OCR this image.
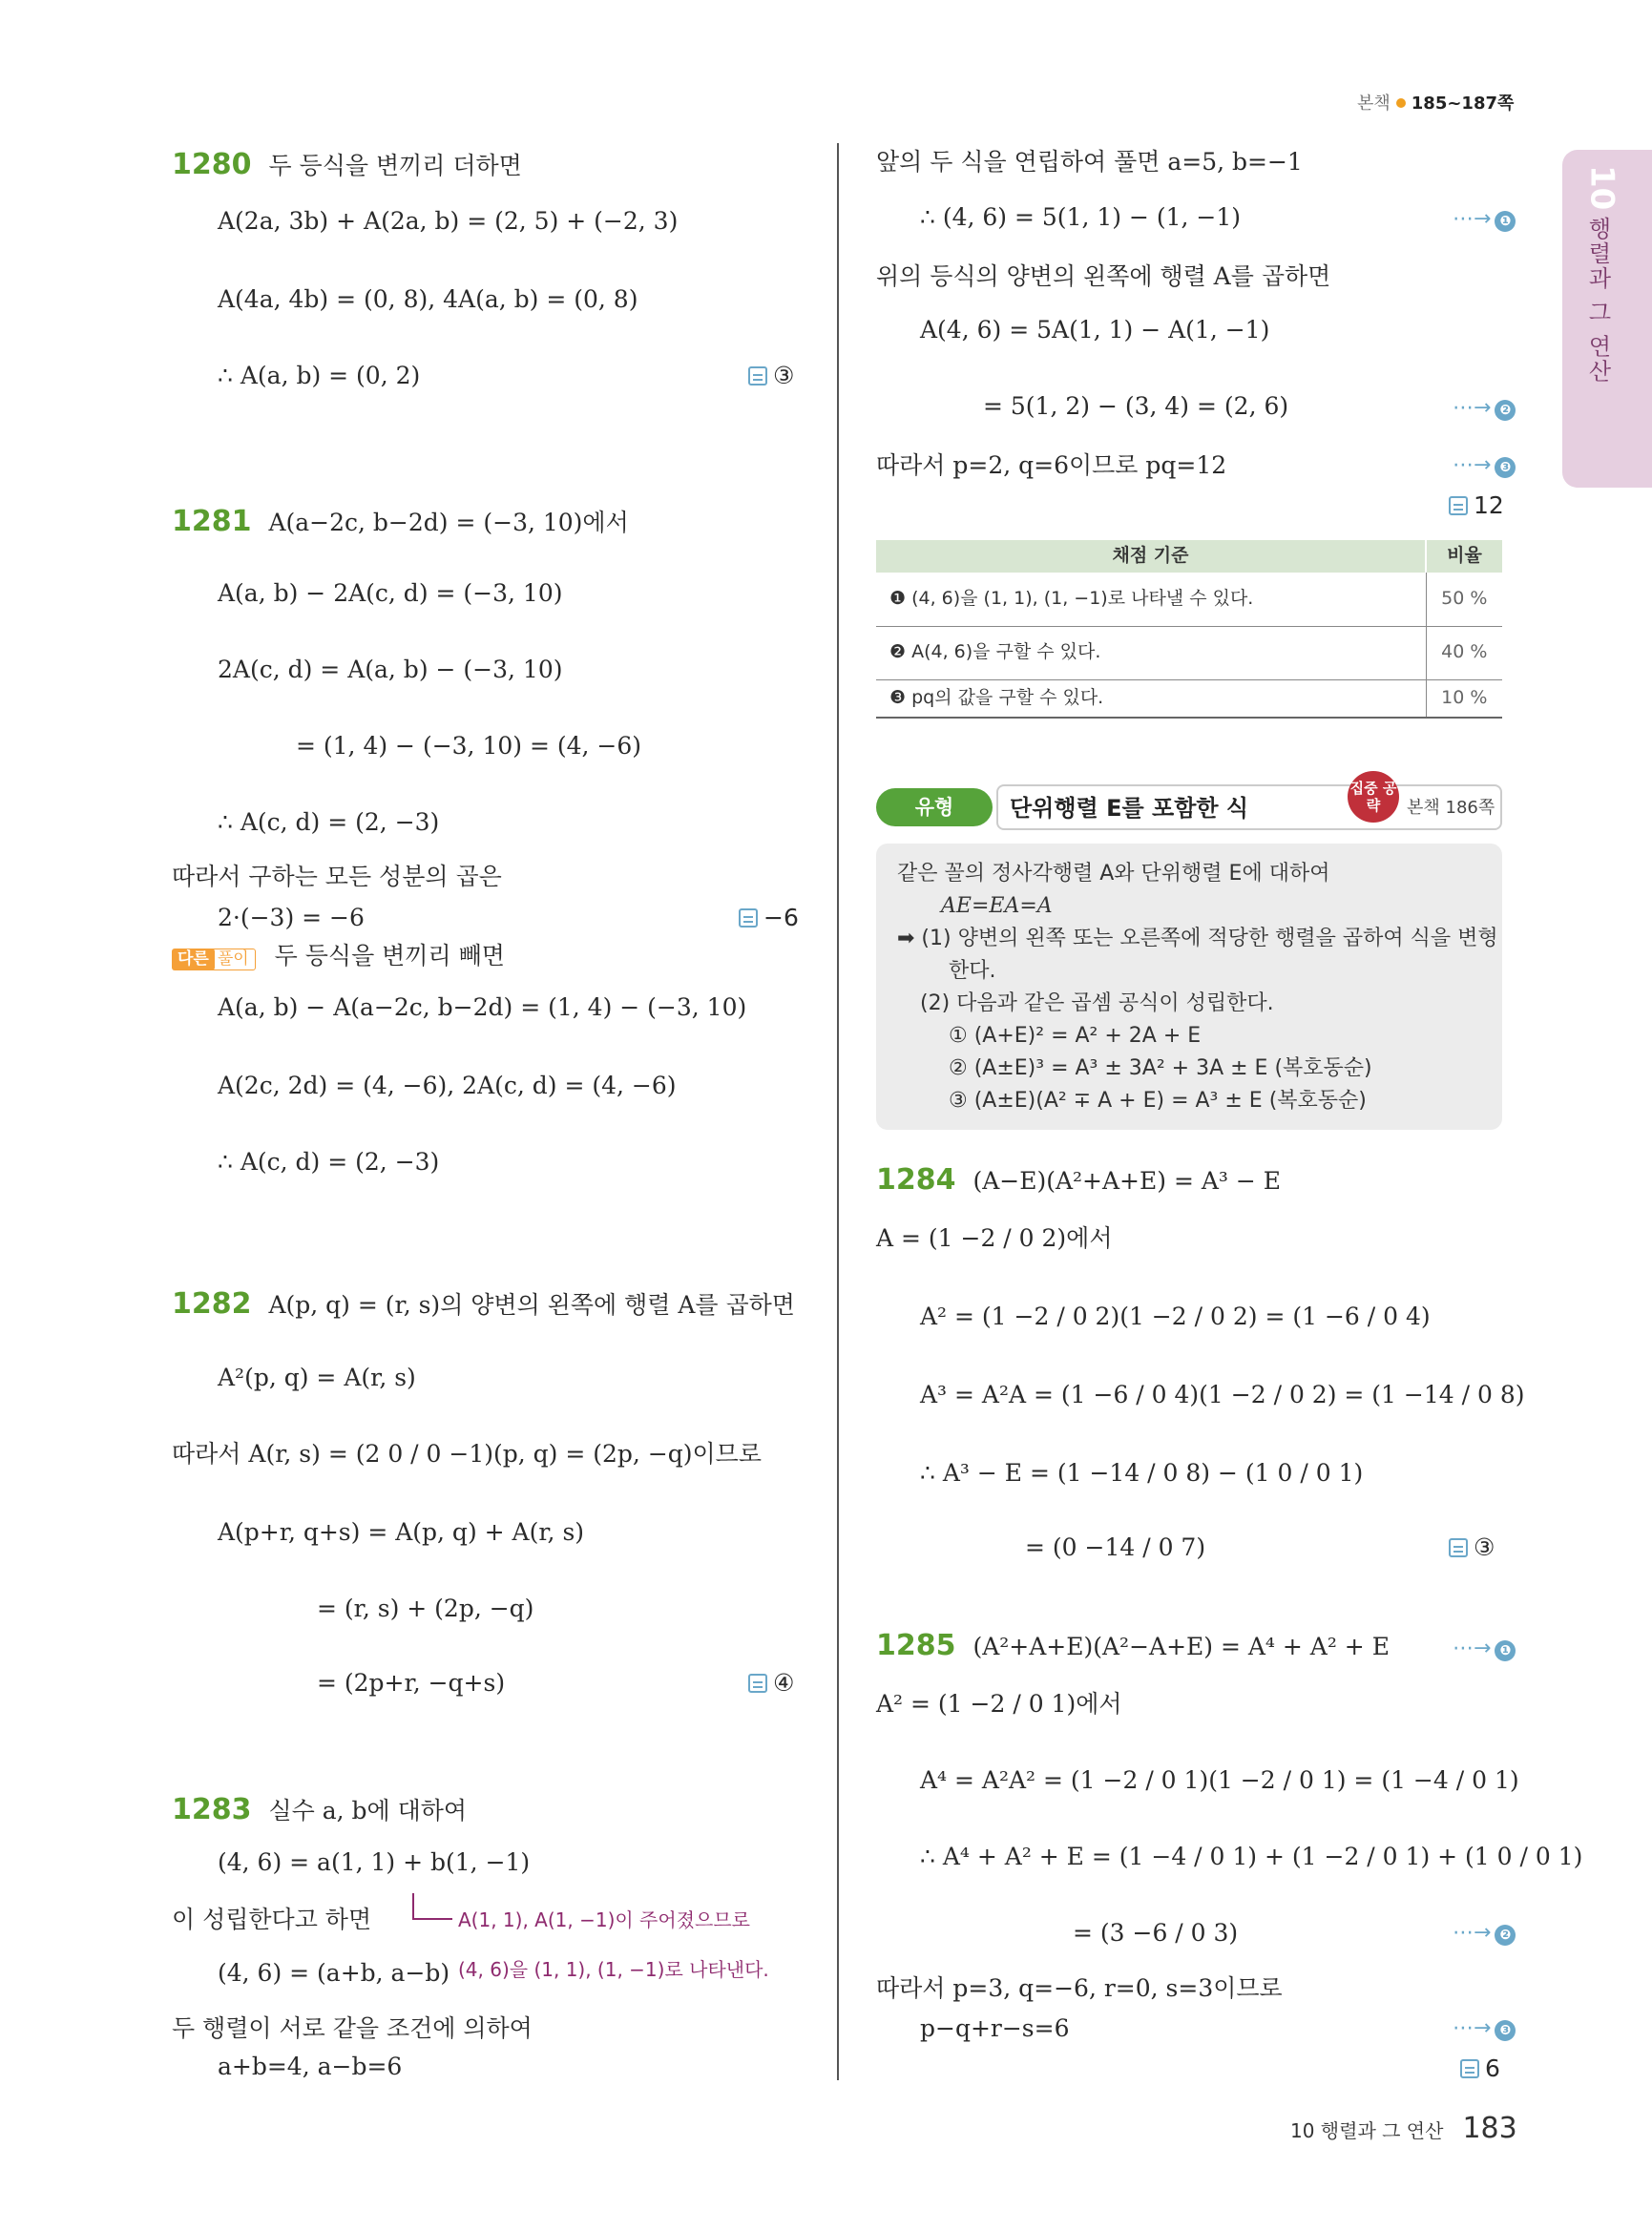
본책 185~187쪽
10
행렬과 그 연산
1280 두 등식을 변끼리 더하면
A(2a, 3b) + A(2a, b) = (2, 5) + (−2, 3)
A(4a, 4b) = (0, 8), 4A(a, b) = (0, 8)
∴ A(a, b) = (0, 2)	③
1281 A(a−2c, b−2d) = (−3, 10)에서
A(a, b) − 2A(c, d) = (−3, 10)
2A(c, d) = A(a, b) − (−3, 10)
= (1, 4) − (−3, 10) = (4, −6)
∴ A(c, d) = (2, −3)
따라서 구하는 모든 성분의 곱은
2·(−3) = −6	−6
다른 풀이 두 등식을 변끼리 빼면
A(a, b) − A(a−2c, b−2d) = (1, 4) − (−3, 10)
A(2c, 2d) = (4, −6), 2A(c, d) = (4, −6)
∴ A(c, d) = (2, −3)
1282 A(p, q) = (r, s)의 양변의 왼쪽에 행렬 A를 곱하면
A²(p, q) = A(r, s)
따라서 A(r, s) = (2 0 / 0 −1)(p, q) = (2p, −q)이므로
A(p+r, q+s) = A(p, q) + A(r, s)
= (r, s) + (2p, −q)
= (2p+r, −q+s)	④
1283 실수 a, b에 대하여
(4, 6) = a(1, 1) + b(1, −1)
이 성립한다고 하면
(4, 6) = (a+b, a−b)
두 행렬이 서로 같을 조건에 의하여
a+b=4, a−b=6
A(1, 1), A(1, −1)이 주어졌으므로
(4, 6)을 (1, 1), (1, −1)로 나타낸다.
앞의 두 식을 연립하여 풀면 a=5, b=−1
∴ (4, 6) = 5(1, 1) − (1, −1)	⋯→ ❶
위의 등식의 양변의 왼쪽에 행렬 A를 곱하면
A(4, 6) = 5A(1, 1) − A(1, −1)
= 5(1, 2) − (3, 4) = (2, 6)	⋯→ ❷
따라서 p=2, q=6이므로 pq=12	⋯→ ❸
12
채점 기준	비율
❶ (4, 6)을 (1, 1), (1, −1)로 나타낼 수 있다.	50 %
❷ A(4, 6)을 구할 수 있다.	40 %
❸ pq의 값을 구할 수 있다.	10 %
유형	단위행렬 E를 포함한 식
집중 공략	본책 186쪽
같은 꼴의 정사각행렬 A와 단위행렬 E에 대하여
AE=EA=A
➡ (1) 양변의 왼쪽 또는 오른쪽에 적당한 행렬을 곱하여 식을 변형
한다.
(2) 다음과 같은 곱셈 공식이 성립한다.
① (A+E)² = A² + 2A + E
② (A±E)³ = A³ ± 3A² + 3A ± E (복호동순)
③ (A±E)(A² ∓ A + E) = A³ ± E (복호동순)
1284 (A−E)(A²+A+E) = A³ − E
A = (1 −2 / 0 2)에서
A² = (1 −2 / 0 2)(1 −2 / 0 2) = (1 −6 / 0 4)
A³ = A²A = (1 −6 / 0 4)(1 −2 / 0 2) = (1 −14 / 0 8)
∴ A³ − E = (1 −14 / 0 8) − (1 0 / 0 1)
= (0 −14 / 0 7)	③
1285 (A²+A+E)(A²−A+E) = A⁴ + A² + E	⋯→ ❶
A² = (1 −2 / 0 1)에서
A⁴ = A²A² = (1 −2 / 0 1)(1 −2 / 0 1) = (1 −4 / 0 1)
∴ A⁴ + A² + E = (1 −4 / 0 1) + (1 −2 / 0 1) + (1 0 / 0 1)
= (3 −6 / 0 3)	⋯→ ❷
따라서 p=3, q=−6, r=0, s=3이므로
p−q+r−s=6	⋯→ ❸
6
10 행렬과 그 연산 183
